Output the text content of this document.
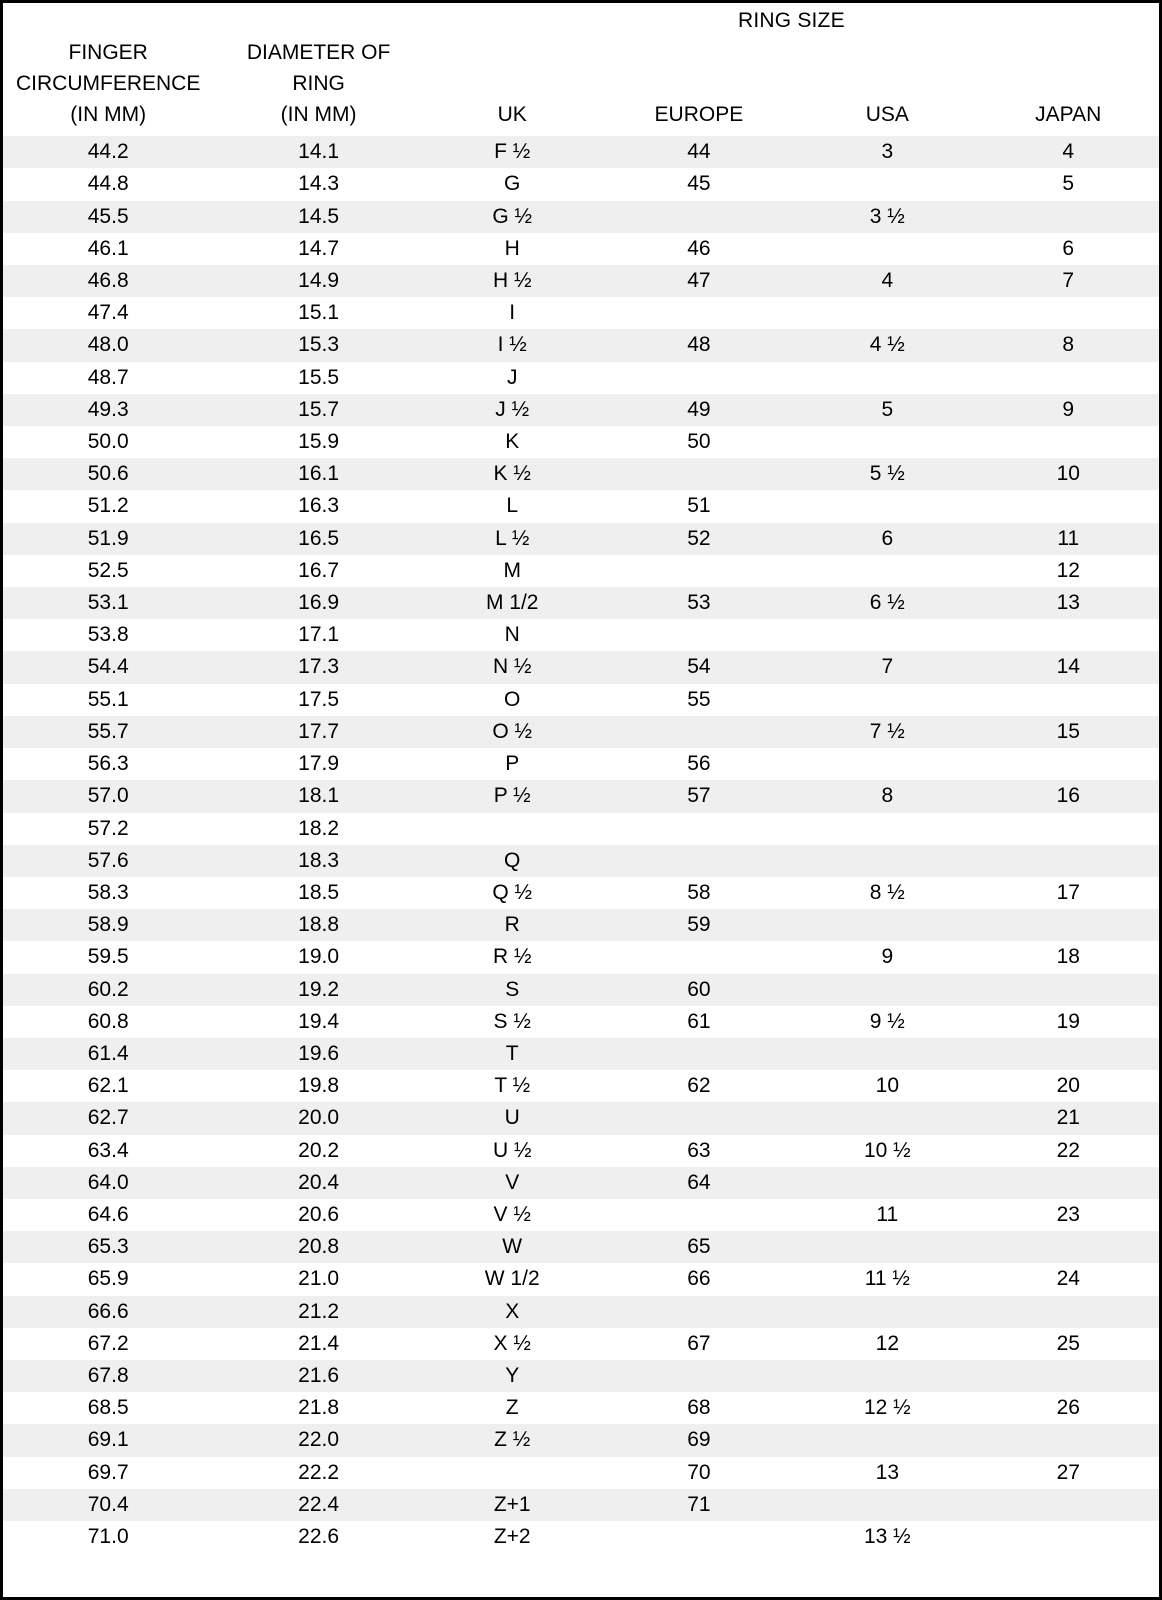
		RING SIZE			

FINGER
CIRCUMFERENCE
(IN MM)	DIAMETER OF
RING
(IN MM)	UK	EUROPE	USA	JAPAN
44.2	14.1	F ½	44	3	4
44.8	14.3	G	45		5
45.5	14.5	G ½		3 ½	
46.1	14.7	H	46		6
46.8	14.9	H ½	47	4	7
47.4	15.1	I			
48.0	15.3	I ½	48	4 ½	8
48.7	15.5	J			
49.3	15.7	J ½	49	5	9
50.0	15.9	K	50		
50.6	16.1	K ½		5 ½	10
51.2	16.3	L	51		
51.9	16.5	L ½	52	6	11
52.5	16.7	M			12
53.1	16.9	M 1/2	53	6 ½	13
53.8	17.1	N			
54.4	17.3	N ½	54	7	14
55.1	17.5	O	55		
55.7	17.7	O ½		7 ½	15
56.3	17.9	P	56		
57.0	18.1	P ½	57	8	16
57.2	18.2				
57.6	18.3	Q			
58.3	18.5	Q ½	58	8 ½	17
58.9	18.8	R	59		
59.5	19.0	R ½		9	18
60.2	19.2	S	60		
60.8	19.4	S ½	61	9 ½	19
61.4	19.6	T			
62.1	19.8	T ½	62	10	20
62.7	20.0	U			21
63.4	20.2	U ½	63	10 ½	22
64.0	20.4	V	64		
64.6	20.6	V ½		11	23
65.3	20.8	W	65		
65.9	21.0	W 1/2	66	11 ½	24
66.6	21.2	X			
67.2	21.4	X ½	67	12	25
67.8	21.6	Y			
68.5	21.8	Z	68	12 ½	26
69.1	22.0	Z ½	69		
69.7	22.2		70	13	27
70.4	22.4	Z+1	71		
71.0	22.6	Z+2		13 ½	
